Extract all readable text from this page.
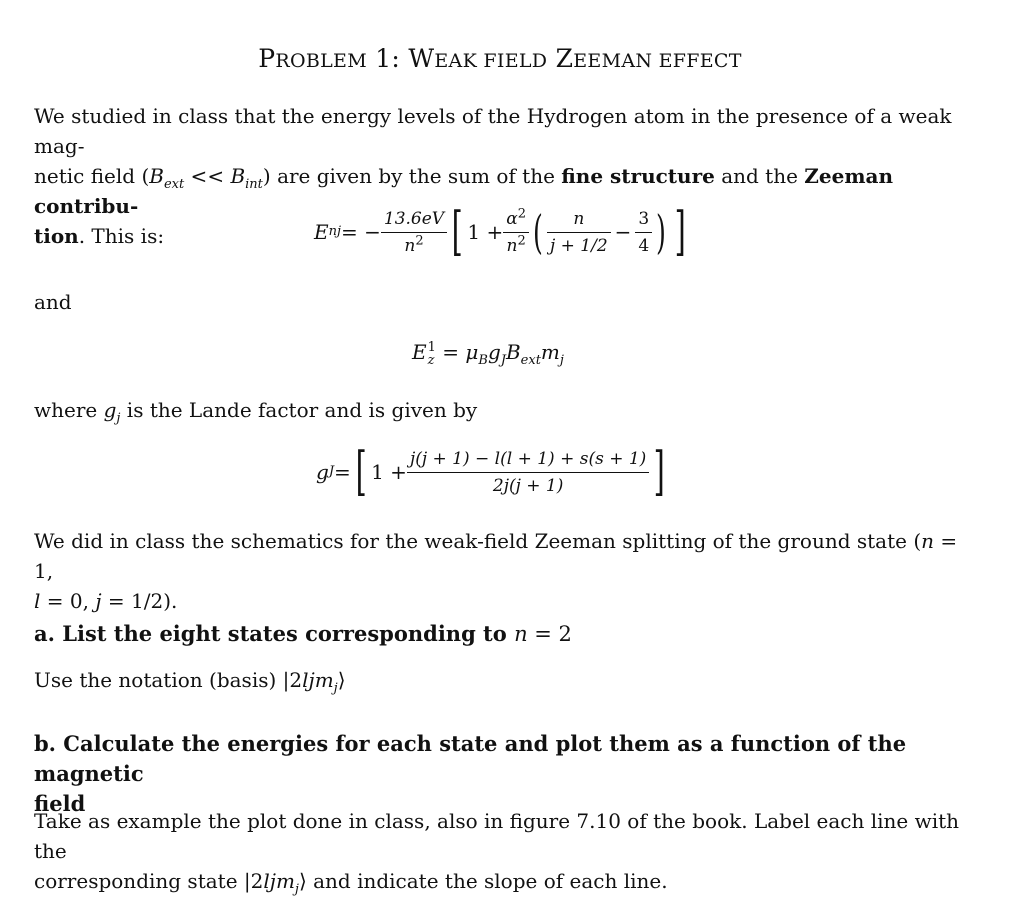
PROBLEM 1: WEAK FIELD ZEEMAN EFFECT
We studied in class that the energy levels of the Hydrogen atom in the presence of a weak mag-
netic field $(B_{ext} << B_{int})$ are given by the sum of the fine structure and the Zeeman contribu-
tion. This is:	E nj = − $\frac{13.6eV}{n^2}$ [ $1 + \frac{\alpha^2}{n^2}$ ( $\frac{n}{j + 1/2} - \frac{3}{4}$ ) ]
and
E 1
$z = \mu_Bg_JB_{ext}m_j$
where $g_j$ is the Lande factor and is given by
g J = [ $1 + \frac{j(j + 1) - l(l + 1) + s(s + 1)}{2j(j + 1)}$ ]
We did in class the schematics for the weak-field Zeeman splitting of the ground state (n = 1,
l = 0, j = 1/2).
a. List the eight states corresponding to n = 2
Use the notation (basis) |2ljm$_j$⟩
b. Calculate the energies for each state and plot them as a function of the magnetic
field
Take as example the plot done in class, also in figure 7.10 of the book. Label each line with the
corresponding state |2ljm$_j$⟩ and indicate the slope of each line.
